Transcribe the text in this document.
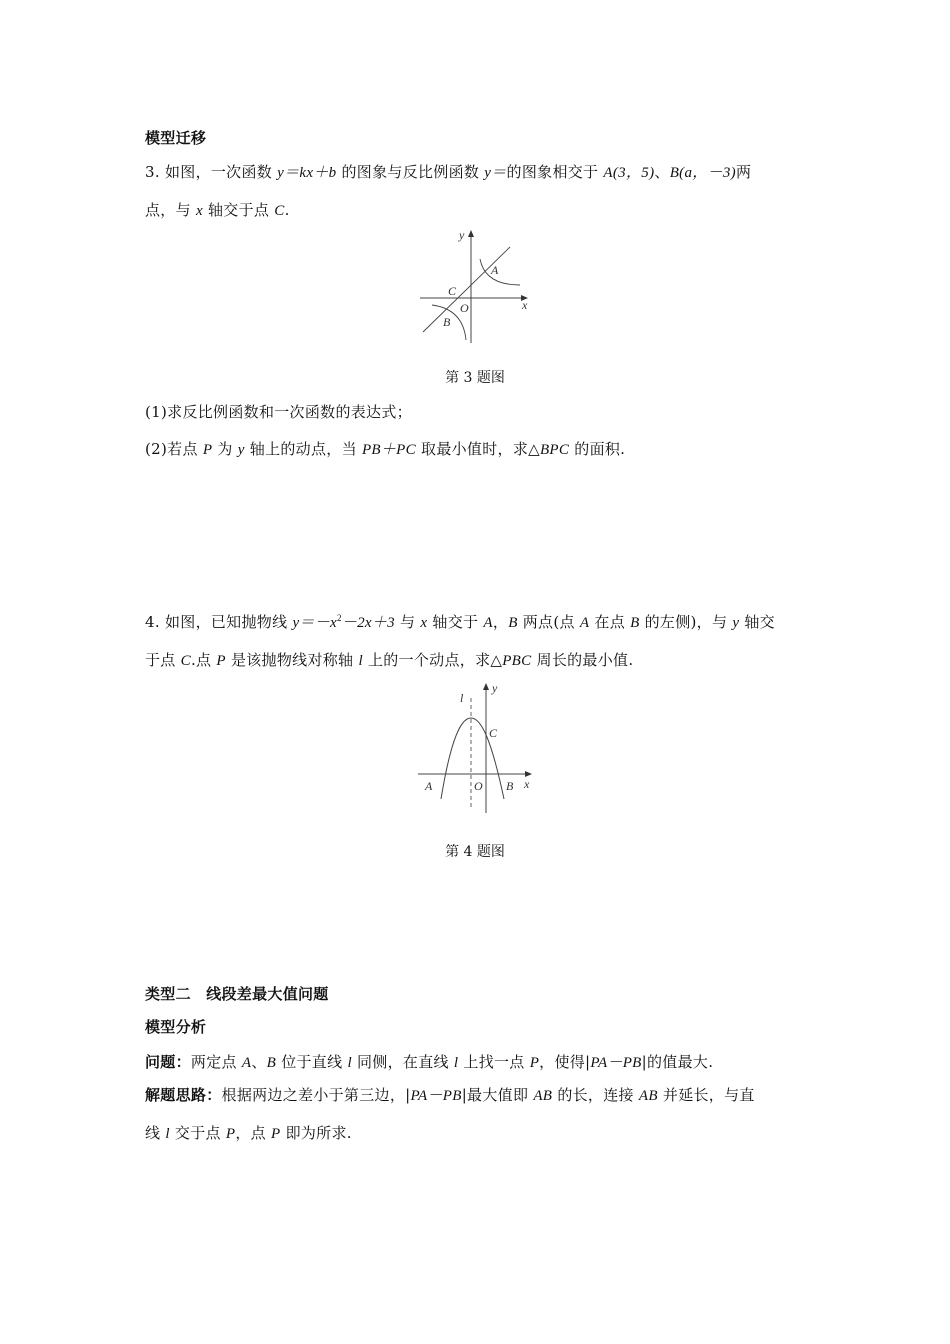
模型迁移
3. 如图，一次函数 y＝kx＋b 的图象与反比例函数 y＝的图象相交于 A(3，5)、B(a，－3)两
点，与 x 轴交于点 C.
y
x
A
C
O
B
第 3 题图
(1)求反比例函数和一次函数的表达式；
(2)若点 P 为 y 轴上的动点，当 PB＋PC 取最小值时，求△BPC 的面积.
4. 如图，已知抛物线 $y=-x^2-2x+3$ 与 x 轴交于 A，B 两点(点 A 在点 B 的左侧)，与 y 轴交
于点 C.点 P 是该抛物线对称轴 l 上的一个动点，求△PBC 周长的最小值.
l
y
C
A	O B x
第 4 题图
类型二　线段差最大值问题
模型分析
问题：两定点 A、B 位于直线 l 同侧，在直线 l 上找一点 P，使得|PA－PB|的值最大.
解题思路：根据两边之差小于第三边，|PA－PB|最大值即 AB 的长，连接 AB 并延长，与直
线 l 交于点 P，点 P 即为所求.
